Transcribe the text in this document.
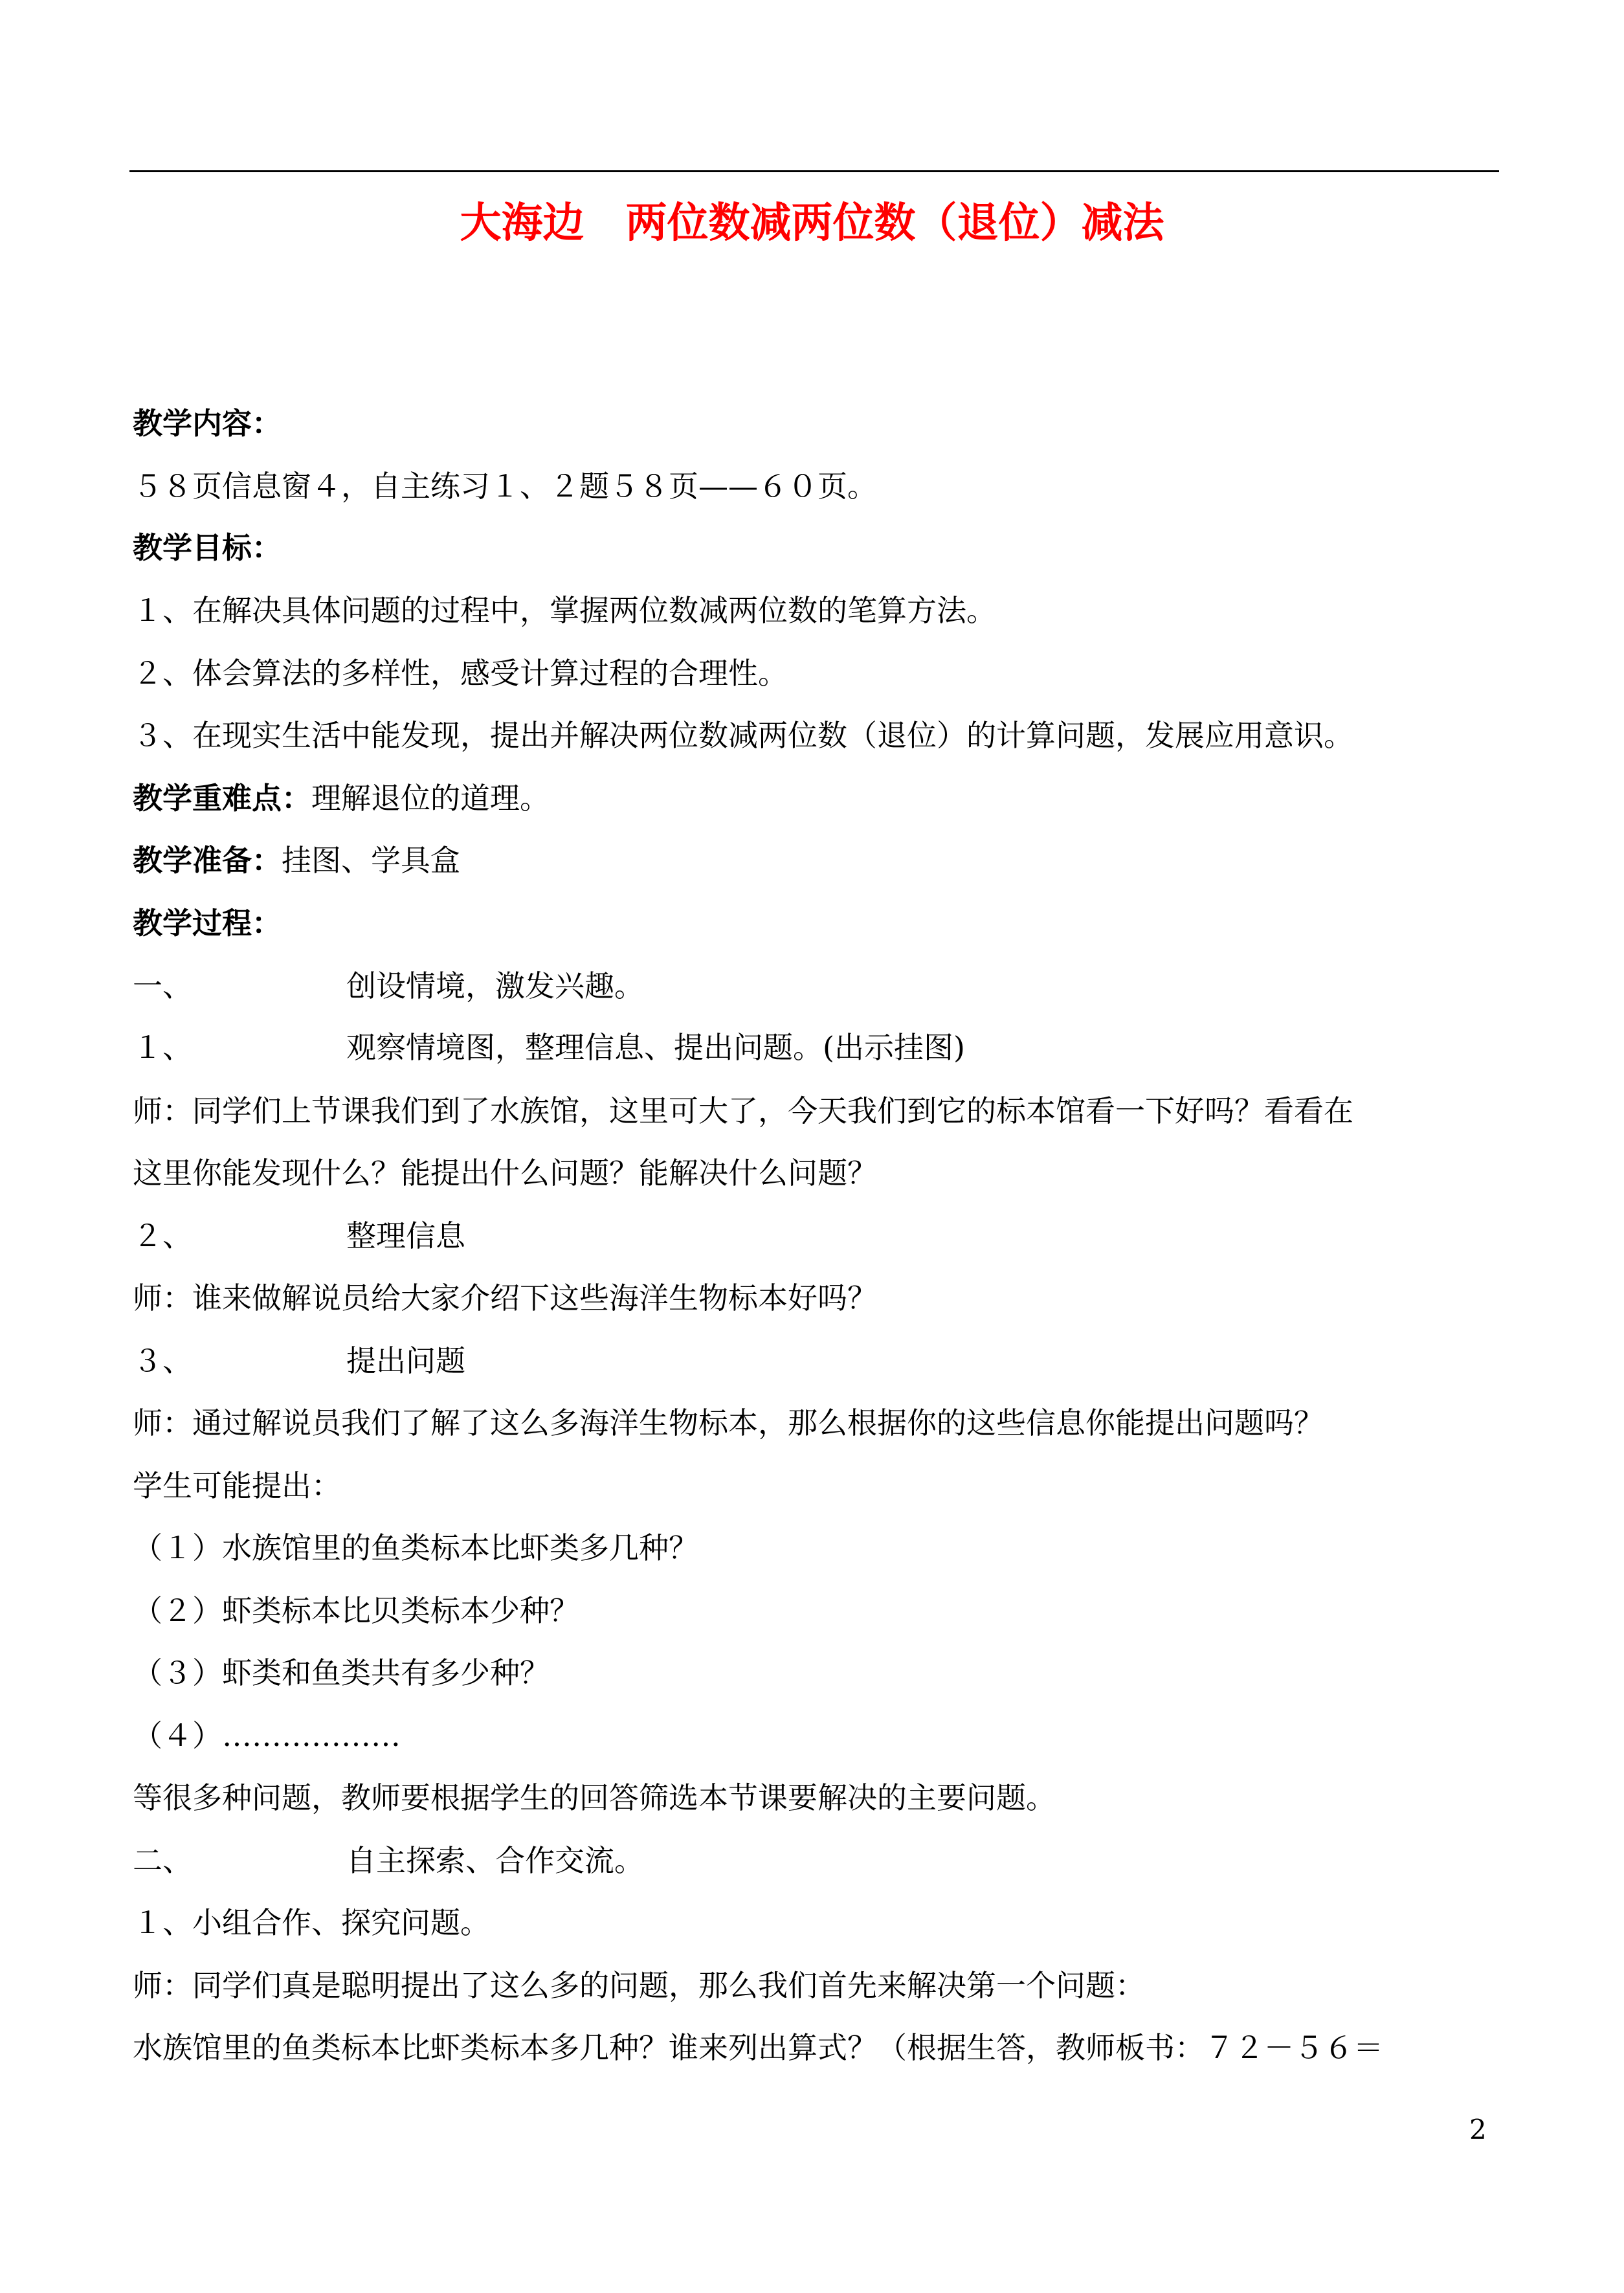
大海边　两位数减两位数（退位）减法
教学内容：
５８页信息窗４，自主练习１、２题５８页——６０页。
教学目标：
１、在解决具体问题的过程中，掌握两位数减两位数的笔算方法。
２、体会算法的多样性，感受计算过程的合理性。
３、在现实生活中能发现，提出并解决两位数减两位数（退位）的计算问题，发展应用意识。
教学重难点：理解退位的道理。
教学准备：挂图、学具盒
教学过程：
一、	创设情境，激发兴趣。
１、	观察情境图，整理信息、提出问题。(出示挂图)
师：同学们上节课我们到了水族馆，这里可大了，今天我们到它的标本馆看一下好吗？看看在
这里你能发现什么？能提出什么问题？能解决什么问题？
２、	整理信息
师：谁来做解说员给大家介绍下这些海洋生物标本好吗？
３、	提出问题
师：通过解说员我们了解了这么多海洋生物标本，那么根据你的这些信息你能提出问题吗？
学生可能提出：
（１）水族馆里的鱼类标本比虾类多几种？
（２）虾类标本比贝类标本少种？
（３）虾类和鱼类共有多少种？
（４）………………
等很多种问题，教师要根据学生的回答筛选本节课要解决的主要问题。
二、	自主探索、合作交流。
１、小组合作、探究问题。
师：同学们真是聪明提出了这么多的问题，那么我们首先来解决第一个问题：
水族馆里的鱼类标本比虾类标本多几种？谁来列出算式？（根据生答，教师板书：７２－５６＝
2
